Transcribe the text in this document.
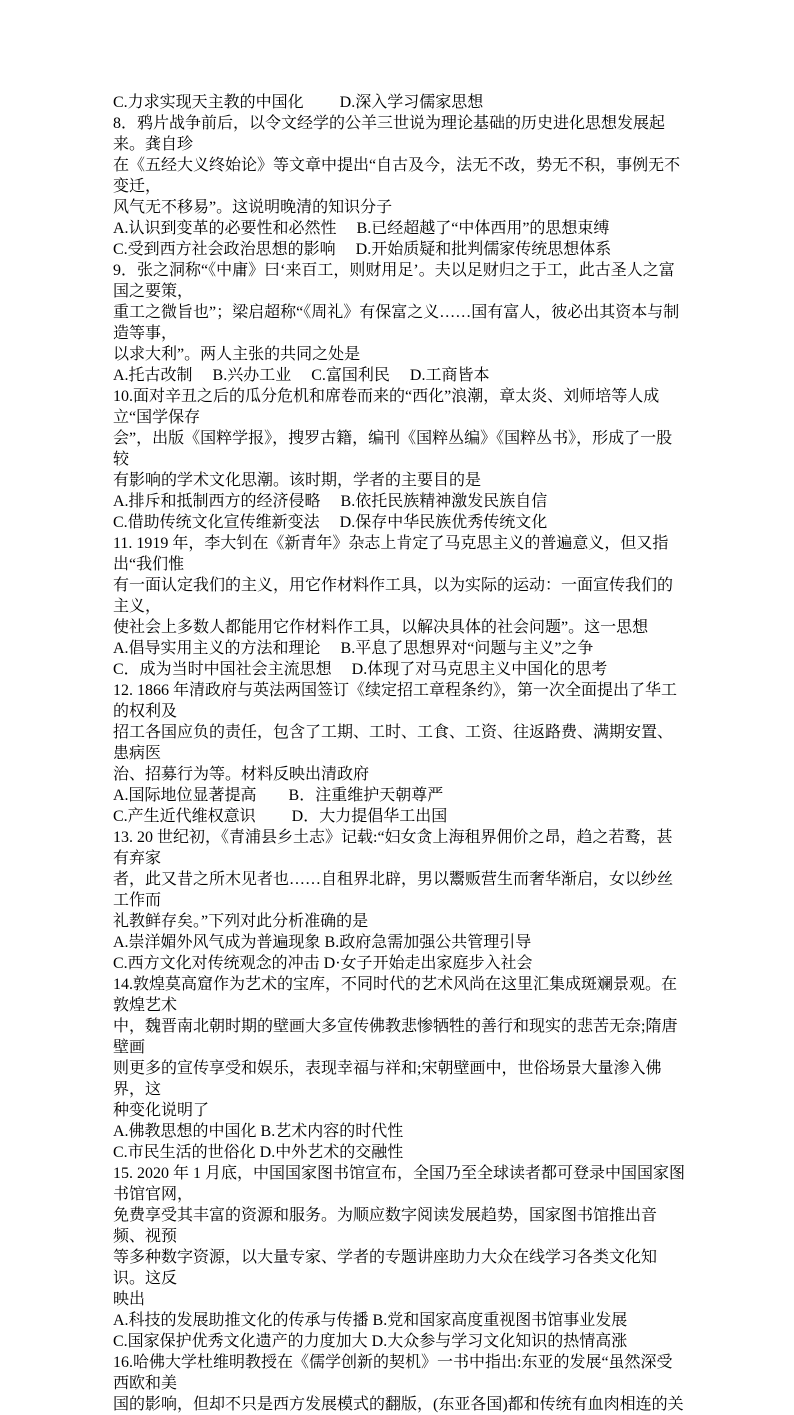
C.力求实现天主教的中国化　　 D.深入学习儒家思想
8．鸦片战争前后，以令文经学的公羊三世说为理论基础的历史进化思想发展起来。龚自珍
在《五经大义终始论》等文章中提出“自古及今，法无不改，势无不积，事例无不变迁，
风气无不移易”。这说明晚清的知识分子
A.认识到变革的必要性和必然性　 B.已经超越了“中体西用”的思想束缚
C.受到西方社会政治思想的影响　 D.开始质疑和批判儒家传统思想体系
9．张之洞称“《中庸》曰‘来百工，则财用足’。夫以足财归之于工，此古圣人之富国之要策，
重工之微旨也”；梁启超称“《周礼》有保富之义……国有富人，彼必出其资本与制造等事，
以求大利”。两人主张的共同之处是
A.托古改制　 B.兴办工业　 C.富国利民　 D.工商皆本
10.面对辛丑之后的瓜分危机和席卷而来的“西化”浪潮，章太炎、刘师培等人成立“国学保存
会”，出版《国粹学报》，搜罗古籍，编刊《国粹丛编》《国粹丛书》，形成了一股较
有影响的学术文化思潮。该时期，学者的主要目的是
A.排斥和抵制西方的经济侵略　 B.依托民族精神激发民族自信
C.借助传统文化宣传维新变法　 D.保存中华民族优秀传统文化
11. 1919 年，李大钊在《新青年》杂志上肯定了马克思主义的普遍意义，但又指出“我们惟
有一面认定我们的主义，用它作材料作工具，以为实际的运动：一面宣传我们的主义，
使社会上多数人都能用它作材料作工具，以解决具体的社会问题”。这一思想
A.倡导实用主义的方法和理论　 B.平息了思想界对“问题与主义”之争
C．成为当时中国社会主流思想　 D.体现了对马克思主义中国化的思考
12. 1866 年清政府与英法两国签订《续定招工章程条约》，第一次全面提出了华工的权利及
招工各国应负的责任，包含了工期、工时、工食、工资、往返路费、满期安置、患病医
治、招募行为等。材料反映出清政府
A.国际地位显著提高　　B．注重维护天朝尊严
C.产生近代维权意识　　 D．大力提倡华工出国
13. 20 世纪初，《青浦县乡土志》记载:“妇女贪上海租界佣价之昂，趋之若鹜，甚有弃家
者，此又昔之所木见者也……自租界北辟，男以鬻贩营生而奢华渐启，女以纱丝工作而
礼教鲜存矣。”下列对此分析准确的是
A.崇洋媚外风气成为普遍现象 B.政府急需加强公共管理引导
C.西方文化对传统观念的冲击 D·女子开始走出家庭步入社会
14.敦煌莫高窟作为艺术的宝库，不同时代的艺术风尚在这里汇集成斑斓景观。在敦煌艺术
中，魏晋南北朝时期的壁画大多宣传佛教悲惨牺牲的善行和现实的悲苦无奈;隋唐壁画
则更多的宣传享受和娱乐，表现幸福与祥和;宋朝壁画中，世俗场景大量渗入佛界，这
种变化说明了
A.佛教思想的中国化 B.艺术内容的时代性
C.市民生活的世俗化 D.中外艺术的交融性
15. 2020 年 1 月底，中国国家图书馆宣布，全国乃至全球读者都可登录中国国家图书馆官网，
免费享受其丰富的资源和服务。为顺应数字阅读发展趋势，国家图书馆推出音频、视预
等多种数字资源，以大量专家、学者的专题讲座助力大众在线学习各类文化知识。这反
映出
A.科技的发展助推文化的传承与传播 B.党和国家高度重视图书馆事业发展
C.国家保护优秀文化遗产的力度加大 D.大众参与学习文化知识的热情高涨
16.哈佛大学杜维明教授在《儒学创新的契机》一书中指出:东亚的发展“虽然深受西欧和美
国的影响，但却不只是西方发展模式的翻版，(东亚各国)都和传统有血肉相连的关
